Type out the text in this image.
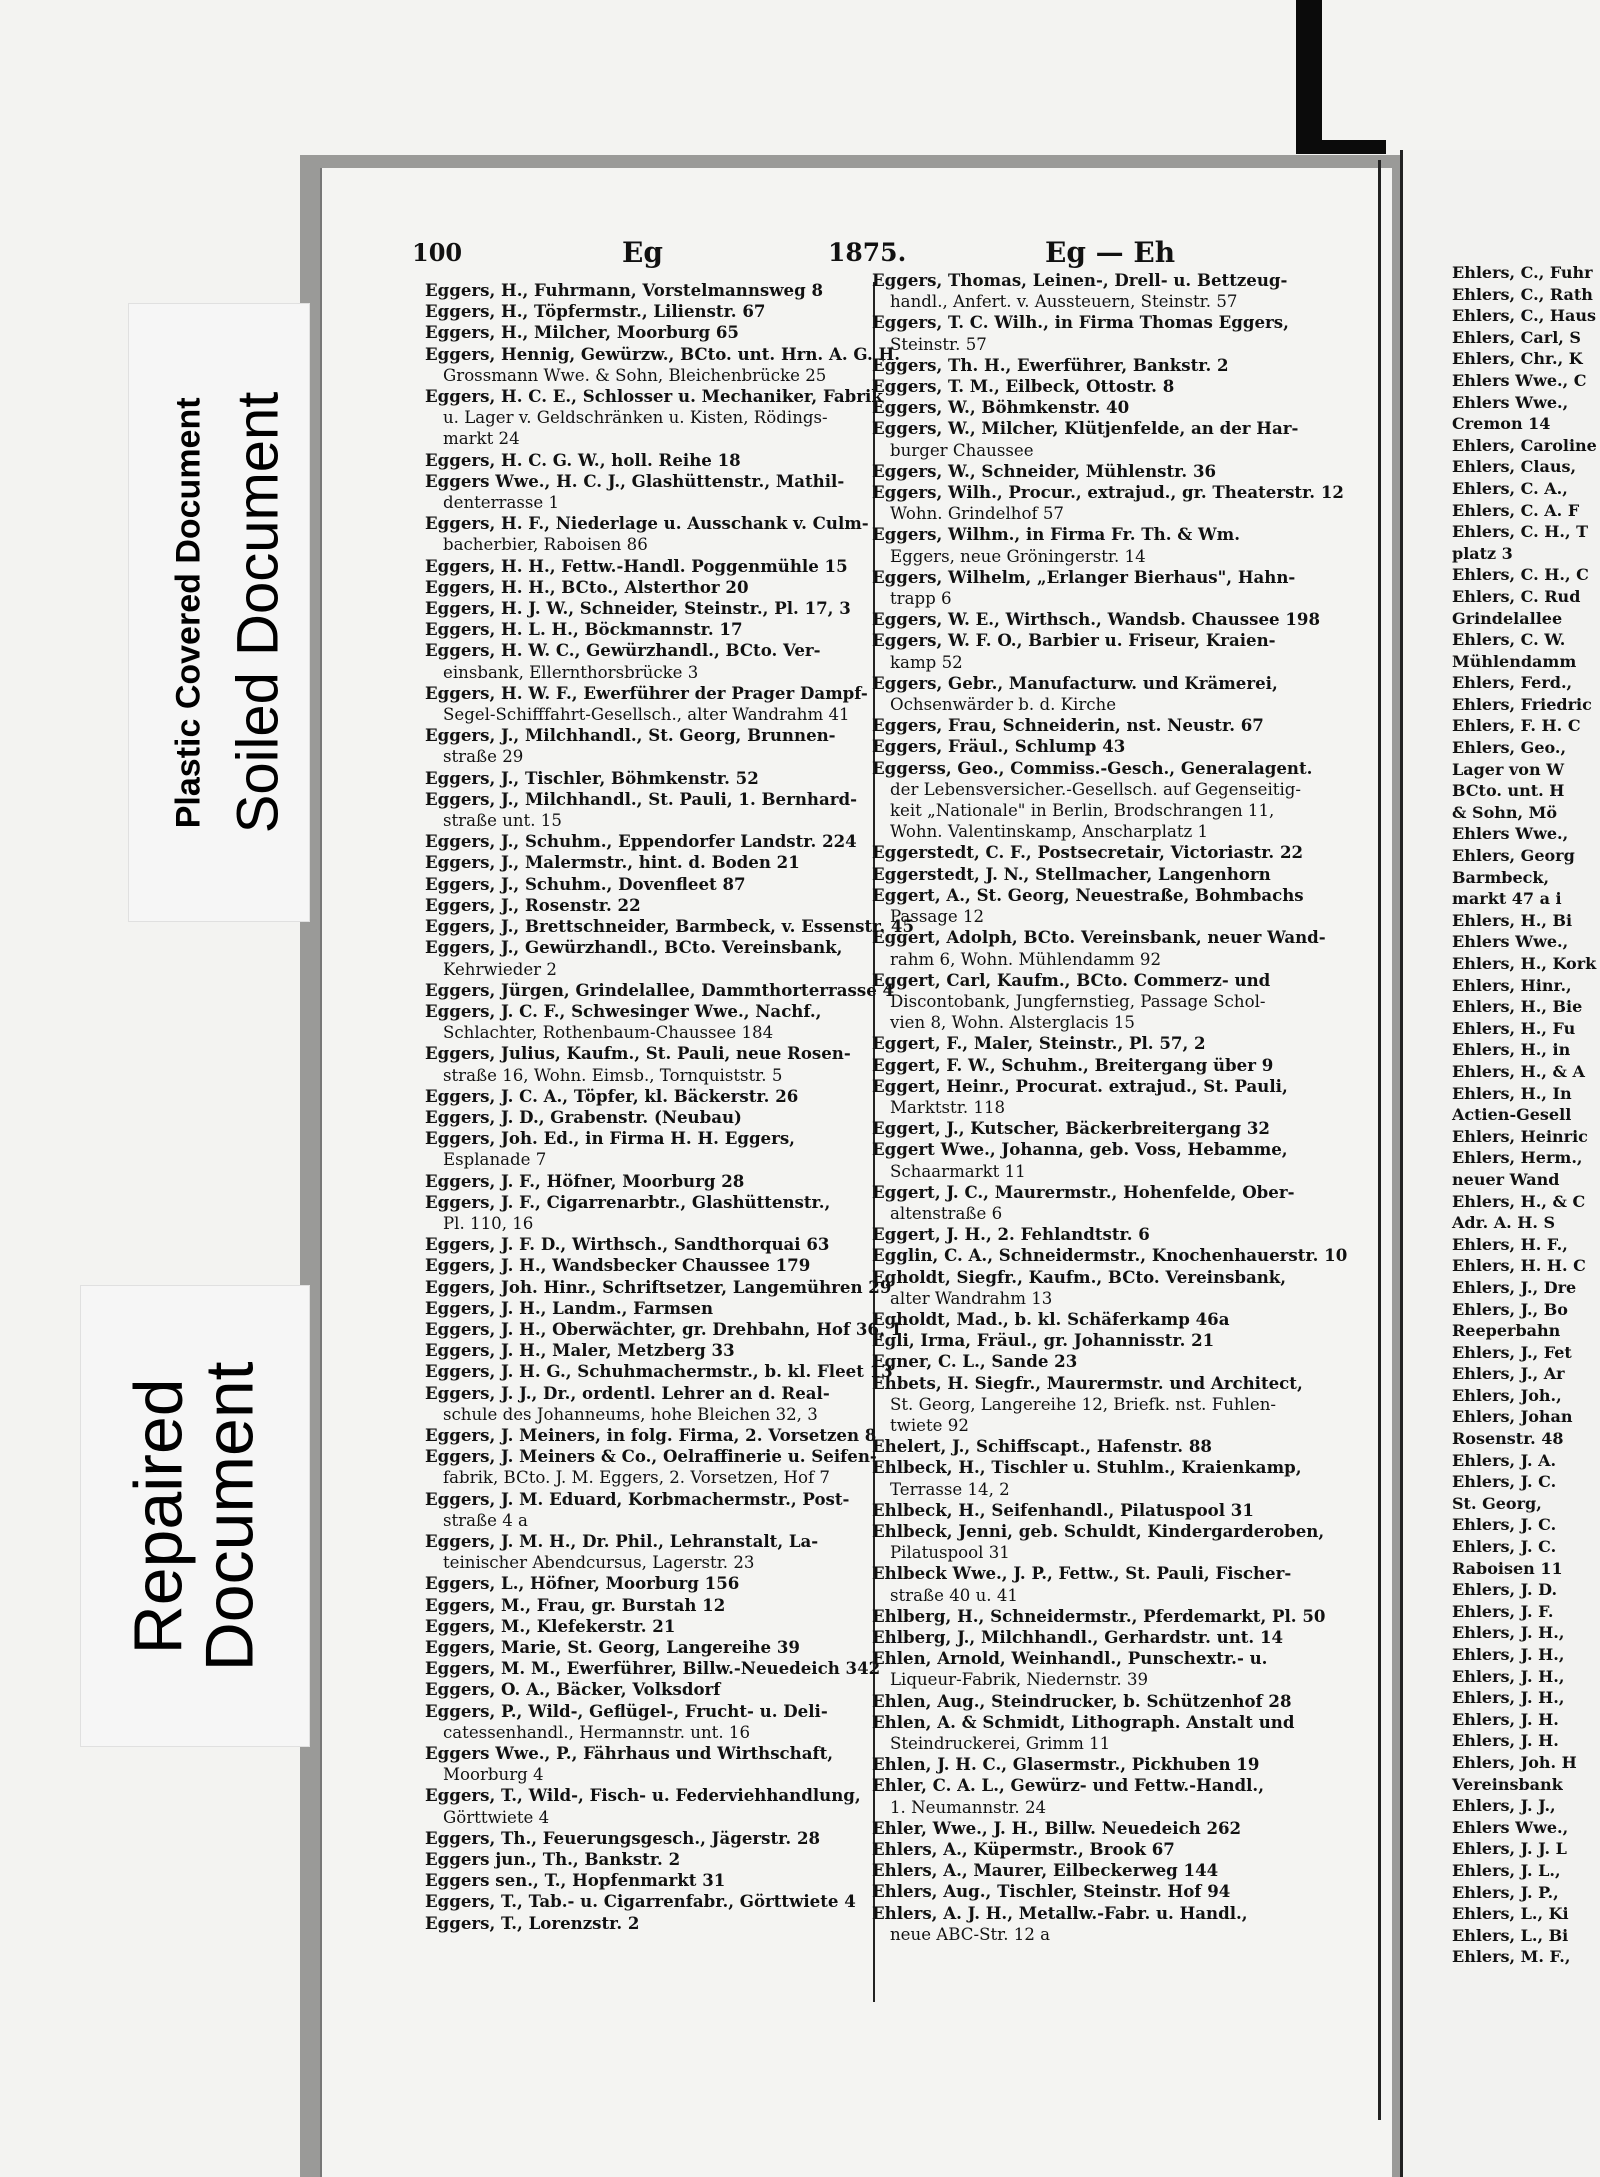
Plastic Covered Document Soiled Document
Repaired
Document
100	Eg	1875.	Eg — Eh
Eggers, H., Fuhrmann, Vorstelmannsweg 8
Eggers, H., Töpfermstr., Lilienstr. 67
Eggers, H., Milcher, Moorburg 65
Eggers, Hennig, Gewürzw., BCto. unt. Hrn. A. G. H.
Grossmann Wwe. & Sohn, Bleichenbrücke 25
Eggers, H. C. E., Schlosser u. Mechaniker, Fabrik
u. Lager v. Geldschränken u. Kisten, Rödings-
markt 24
Eggers, H. C. G. W., holl. Reihe 18
Eggers Wwe., H. C. J., Glashüttenstr., Mathil-
denterrasse 1
Eggers, H. F., Niederlage u. Ausschank v. Culm-
bacherbier, Raboisen 86
Eggers, H. H., Fettw.-Handl. Poggenmühle 15
Eggers, H. H., BCto., Alsterthor 20
Eggers, H. J. W., Schneider, Steinstr., Pl. 17, 3
Eggers, H. L. H., Böckmannstr. 17
Eggers, H. W. C., Gewürzhandl., BCto. Ver-
einsbank, Ellernthorsbrücke 3
Eggers, H. W. F., Ewerführer der Prager Dampf-
Segel-Schifffahrt-Gesellsch., alter Wandrahm 41
Eggers, J., Milchhandl., St. Georg, Brunnen-
straße 29
Eggers, J., Tischler, Böhmkenstr. 52
Eggers, J., Milchhandl., St. Pauli, 1. Bernhard-
straße unt. 15
Eggers, J., Schuhm., Eppendorfer Landstr. 224
Eggers, J., Malermstr., hint. d. Boden 21
Eggers, J., Schuhm., Dovenfleet 87
Eggers, J., Rosenstr. 22
Eggers, J., Brettschneider, Barmbeck, v. Essenstr. 45
Eggers, J., Gewürzhandl., BCto. Vereinsbank,
Kehrwieder 2
Eggers, Jürgen, Grindelallee, Dammthorterrasse 4
Eggers, J. C. F., Schwesinger Wwe., Nachf.,
Schlachter, Rothenbaum-Chaussee 184
Eggers, Julius, Kaufm., St. Pauli, neue Rosen-
straße 16, Wohn. Eimsb., Tornquiststr. 5
Eggers, J. C. A., Töpfer, kl. Bäckerstr. 26
Eggers, J. D., Grabenstr. (Neubau)
Eggers, Joh. Ed., in Firma H. H. Eggers,
Esplanade 7
Eggers, J. F., Höfner, Moorburg 28
Eggers, J. F., Cigarrenarbtr., Glashüttenstr.,
Pl. 110, 16
Eggers, J. F. D., Wirthsch., Sandthorquai 63
Eggers, J. H., Wandsbecker Chaussee 179
Eggers, Joh. Hinr., Schriftsetzer, Langemühren 29
Eggers, J. H., Landm., Farmsen
Eggers, J. H., Oberwächter, gr. Drehbahn, Hof 36, 1
Eggers, J. H., Maler, Metzberg 33
Eggers, J. H. G., Schuhmachermstr., b. kl. Fleet 13
Eggers, J. J., Dr., ordentl. Lehrer an d. Real-
schule des Johanneums, hohe Bleichen 32, 3
Eggers, J. Meiners, in folg. Firma, 2. Vorsetzen 8
Eggers, J. Meiners & Co., Oelraffinerie u. Seifen-
fabrik, BCto. J. M. Eggers, 2. Vorsetzen, Hof 7
Eggers, J. M. Eduard, Korbmachermstr., Post-
straße 4 a
Eggers, J. M. H., Dr. Phil., Lehranstalt, La-
teinischer Abendcursus, Lagerstr. 23
Eggers, L., Höfner, Moorburg 156
Eggers, M., Frau, gr. Burstah 12
Eggers, M., Klefekerstr. 21
Eggers, Marie, St. Georg, Langereihe 39
Eggers, M. M., Ewerführer, Billw.-Neuedeich 342
Eggers, O. A., Bäcker, Volksdorf
Eggers, P., Wild-, Geflügel-, Frucht- u. Deli-
catessenhandl., Hermannstr. unt. 16
Eggers Wwe., P., Fährhaus und Wirthschaft,
Moorburg 4
Eggers, T., Wild-, Fisch- u. Federviehhandlung,
Görttwiete 4
Eggers, Th., Feuerungsgesch., Jägerstr. 28
Eggers jun., Th., Bankstr. 2
Eggers sen., T., Hopfenmarkt 31
Eggers, T., Tab.- u. Cigarrenfabr., Görttwiete 4
Eggers, T., Lorenzstr. 2
Eggers, Thomas, Leinen-, Drell- u. Bettzeug-
handl., Anfert. v. Aussteuern, Steinstr. 57
Eggers, T. C. Wilh., in Firma Thomas Eggers,
Steinstr. 57
Eggers, Th. H., Ewerführer, Bankstr. 2
Eggers, T. M., Eilbeck, Ottostr. 8
Eggers, W., Böhmkenstr. 40
Eggers, W., Milcher, Klütjenfelde, an der Har-
burger Chaussee
Eggers, W., Schneider, Mühlenstr. 36
Eggers, Wilh., Procur., extrajud., gr. Theaterstr. 12
Wohn. Grindelhof 57
Eggers, Wilhm., in Firma Fr. Th. & Wm.
Eggers, neue Gröningerstr. 14
Eggers, Wilhelm, „Erlanger Bierhaus", Hahn-
trapp 6
Eggers, W. E., Wirthsch., Wandsb. Chaussee 198
Eggers, W. F. O., Barbier u. Friseur, Kraien-
kamp 52
Eggers, Gebr., Manufacturw. und Krämerei,
Ochsenwärder b. d. Kirche
Eggers, Frau, Schneiderin, nst. Neustr. 67
Eggers, Fräul., Schlump 43
Eggerss, Geo., Commiss.-Gesch., Generalagent.
der Lebensversicher.-Gesellsch. auf Gegenseitig-
keit „Nationale" in Berlin, Brodschrangen 11,
Wohn. Valentinskamp, Anscharplatz 1
Eggerstedt, C. F., Postsecretair, Victoriastr. 22
Eggerstedt, J. N., Stellmacher, Langenhorn
Eggert, A., St. Georg, Neuestraße, Bohmbachs
Passage 12
Eggert, Adolph, BCto. Vereinsbank, neuer Wand-
rahm 6, Wohn. Mühlendamm 92
Eggert, Carl, Kaufm., BCto. Commerz- und
Discontobank, Jungfernstieg, Passage Schol-
vien 8, Wohn. Alsterglacis 15
Eggert, F., Maler, Steinstr., Pl. 57, 2
Eggert, F. W., Schuhm., Breitergang über 9
Eggert, Heinr., Procurat. extrajud., St. Pauli,
Marktstr. 118
Eggert, J., Kutscher, Bäckerbreitergang 32
Eggert Wwe., Johanna, geb. Voss, Hebamme,
Schaarmarkt 11
Eggert, J. C., Maurermstr., Hohenfelde, Ober-
altenstraße 6
Eggert, J. H., 2. Fehlandtstr. 6
Egglin, C. A., Schneidermstr., Knochenhauerstr. 10
Egholdt, Siegfr., Kaufm., BCto. Vereinsbank,
alter Wandrahm 13
Egholdt, Mad., b. kl. Schäferkamp 46a
Egli, Irma, Fräul., gr. Johannisstr. 21
Egner, C. L., Sande 23
Ehbets, H. Siegfr., Maurermstr. und Architect,
St. Georg, Langereihe 12, Briefk. nst. Fuhlen-
twiete 92
Ehelert, J., Schiffscapt., Hafenstr. 88
Ehlbeck, H., Tischler u. Stuhlm., Kraienkamp,
Terrasse 14, 2
Ehlbeck, H., Seifenhandl., Pilatuspool 31
Ehlbeck, Jenni, geb. Schuldt, Kindergarderoben,
Pilatuspool 31
Ehlbeck Wwe., J. P., Fettw., St. Pauli, Fischer-
straße 40 u. 41
Ehlberg, H., Schneidermstr., Pferdemarkt, Pl. 50
Ehlberg, J., Milchhandl., Gerhardstr. unt. 14
Ehlen, Arnold, Weinhandl., Punschextr.- u.
Liqueur-Fabrik, Niedernstr. 39
Ehlen, Aug., Steindrucker, b. Schützenhof 28
Ehlen, A. & Schmidt, Lithograph. Anstalt und
Steindruckerei, Grimm 11
Ehlen, J. H. C., Glasermstr., Pickhuben 19
Ehler, C. A. L., Gewürz- und Fettw.-Handl.,
1. Neumannstr. 24
Ehler, Wwe., J. H., Billw. Neuedeich 262
Ehlers, A., Küpermstr., Brook 67
Ehlers, A., Maurer, Eilbeckerweg 144
Ehlers, Aug., Tischler, Steinstr. Hof 94
Ehlers, A. J. H., Metallw.-Fabr. u. Handl.,
neue ABC-Str. 12 a
Ehlers, C., Fuhr
Ehlers, C., Rath
Ehlers, C., Haus
Ehlers, Carl, S
Ehlers, Chr., K
Ehlers Wwe., C
Ehlers Wwe.,
Cremon 14
Ehlers, Caroline
Ehlers, Claus,
Ehlers, C. A.,
Ehlers, C. A. F
Ehlers, C. H., T
platz 3
Ehlers, C. H., C
Ehlers, C. Rud
Grindelallee
Ehlers, C. W.
Mühlendamm
Ehlers, Ferd.,
Ehlers, Friedric
Ehlers, F. H. C
Ehlers, Geo.,
Lager von W
BCto. unt. H
& Sohn, Mö
Ehlers Wwe.,
Ehlers, Georg
Barmbeck,
markt 47 a i
Ehlers, H., Bi
Ehlers Wwe.,
Ehlers, H., Kork
Ehlers, Hinr.,
Ehlers, H., Bie
Ehlers, H., Fu
Ehlers, H., in
Ehlers, H., & A
Ehlers, H., In
Actien-Gesell
Ehlers, Heinric
Ehlers, Herm.,
neuer Wand
Ehlers, H., & C
Adr. A. H. S
Ehlers, H. F.,
Ehlers, H. H. C
Ehlers, J., Dre
Ehlers, J., Bo
Reeperbahn
Ehlers, J., Fet
Ehlers, J., Ar
Ehlers, Joh.,
Ehlers, Johan
Rosenstr. 48
Ehlers, J. A.
Ehlers, J. C.
St. Georg,
Ehlers, J. C.
Ehlers, J. C.
Raboisen 11
Ehlers, J. D.
Ehlers, J. F.
Ehlers, J. H.,
Ehlers, J. H.,
Ehlers, J. H.,
Ehlers, J. H.,
Ehlers, J. H.
Ehlers, J. H.
Ehlers, Joh. H
Vereinsbank
Ehlers, J. J.,
Ehlers Wwe.,
Ehlers, J. J. L
Ehlers, J. L.,
Ehlers, J. P.,
Ehlers, L., Ki
Ehlers, L., Bi
Ehlers, M. F.,
